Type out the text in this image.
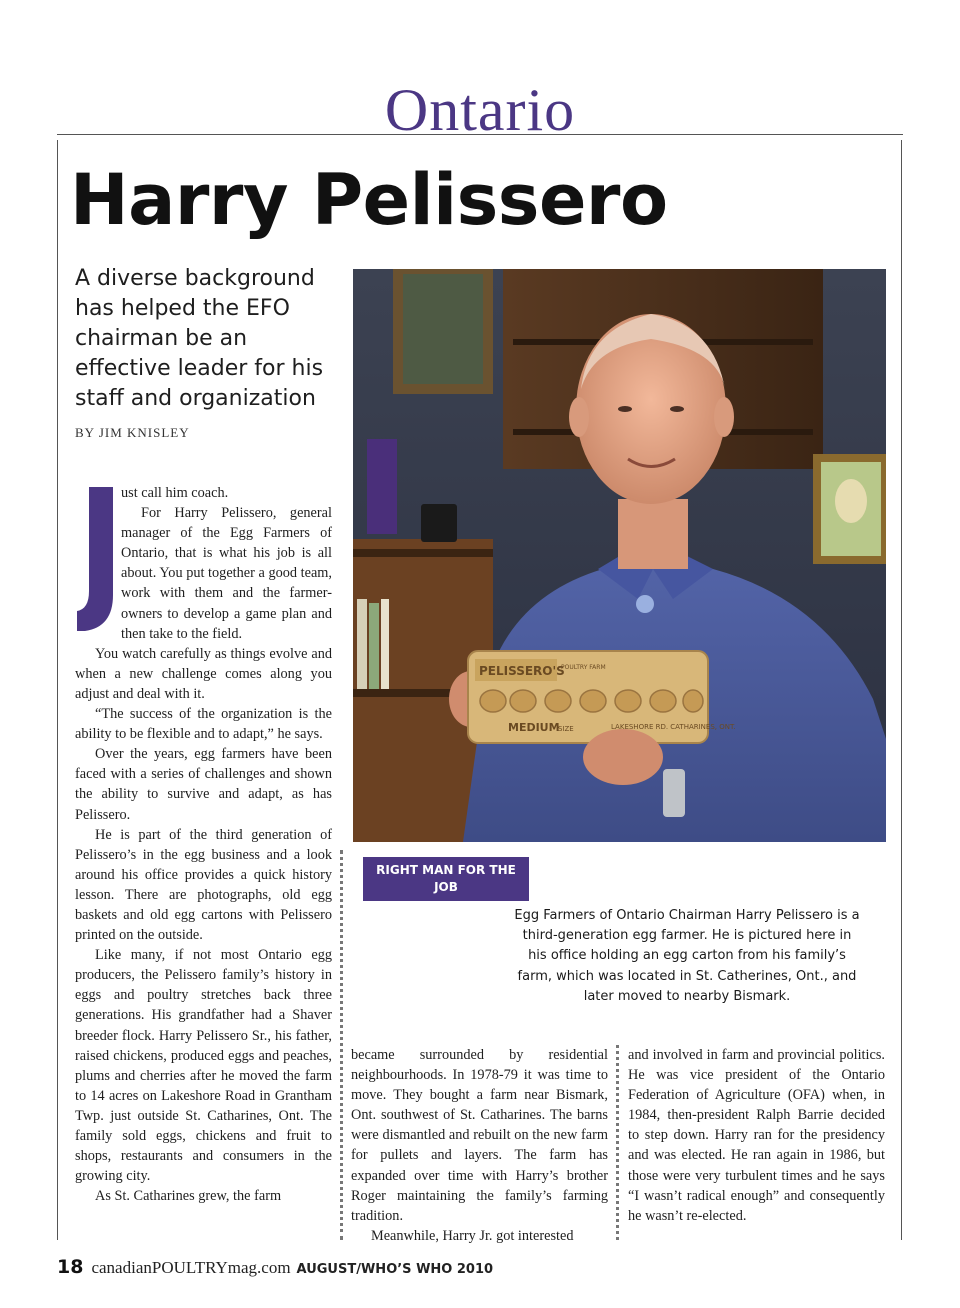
Ontario
Harry Pelissero
A diverse background has helped the EFO chairman be an effective leader for his staff and organization
BY JIM KNISLEY
PELISSERO'S
POULTRY FARM
MEDIUM
SIZE	LAKESHORE RD. CATHARINES, ONT.
RIGHT MAN FOR THE JOB
Egg Farmers of Ontario Chairman Harry Pelissero is a third-generation egg farmer. He is pictured here in his office holding an egg carton from his family’s farm, which was located in St. Catherines, Ont., and later moved to nearby Bismark.

ust call him coach.

For Harry Pelissero, general manager of the Egg Farmers of Ontario, that is what his job is all about. You put together a good team, work with them and the farmer-owners to develop a game plan and then take to the field.

You watch carefully as things evolve and when a new challenge comes along you adjust and deal with it.

“The success of the organization is the ability to be flexible and to adapt,” he says.

Over the years, egg farmers have been faced with a series of challenges and shown the ability to survive and adapt, as has Pelissero.

He is part of the third generation of Pelissero’s in the egg business and a look around his office provides a quick history lesson. There are photographs, old egg baskets and old egg cartons with Pelissero printed on the outside.

Like many, if not most Ontario egg producers, the Pelissero family’s history in eggs and poultry stretches back three generations. His grandfather had a Shaver breeder flock. Harry Pelissero Sr., his father, raised chickens, produced eggs and peaches, plums and cherries after he moved the farm to 14 acres on Lakeshore Road in Grantham Twp. just outside St. Catharines, Ont. The family sold eggs, chickens and fruit to shops, restaurants and consumers in the growing city.

As St. Catharines grew, the farm

became surrounded by residential neighbourhoods. In 1978-79 it was time to move. They bought a farm near Bismark, Ont. southwest of St. Catharines. The barns were dismantled and rebuilt on the new farm for pullets and layers. The farm has expanded over time with Harry’s brother Roger maintaining the family’s farming tradition.

Meanwhile, Harry Jr. got interested

and involved in farm and provincial politics. He was vice president of the Ontario Federation of Agriculture (OFA) when, in 1984, then-president Ralph Barrie decided to step down. Harry ran for the presidency and was elected. He ran again in 1986, but those were very turbulent times and he says “I wasn’t radical enough” and consequently he wasn’t re-elected.

18 canadianPOULTRYmag.com AUGUST/WHO’S WHO 2010
